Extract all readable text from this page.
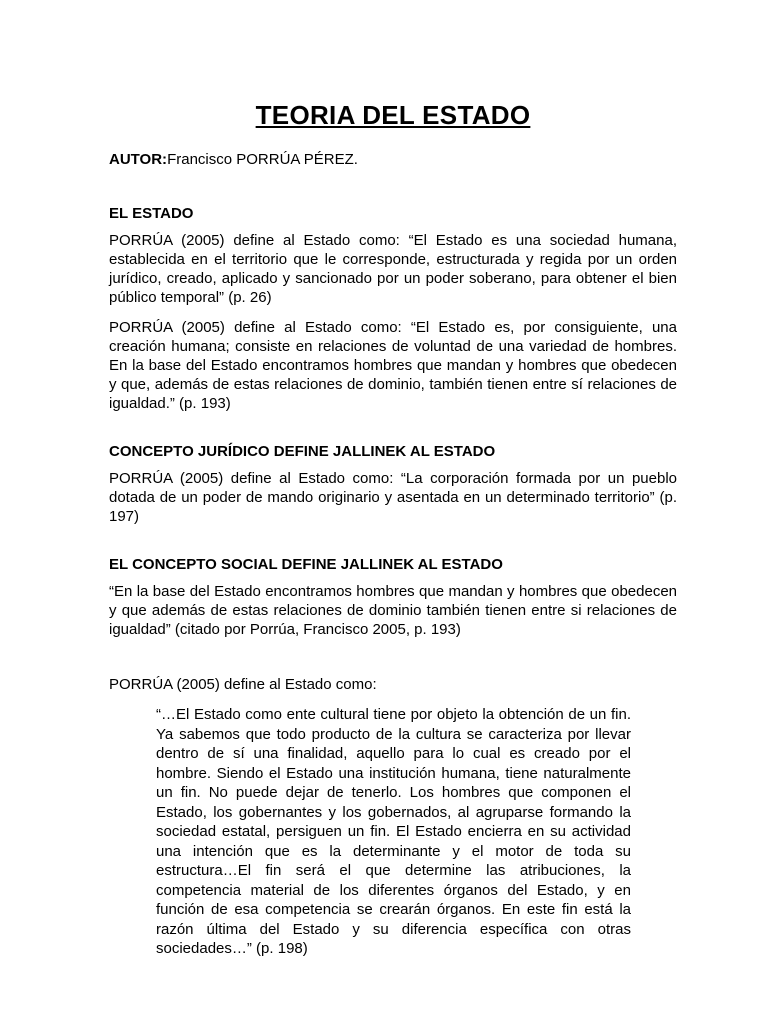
TEORIA DEL ESTADO

AUTOR:Francisco PORRÚA PÉREZ.

EL ESTADO

PORRÚA (2005) define al Estado como: “El Estado es una sociedad humana, establecida en el territorio que le corresponde, estructurada y regida por un orden jurídico, creado, aplicado y sancionado por un poder soberano, para obtener el bien público temporal” (p. 26)

PORRÚA (2005) define al Estado como: “El Estado es, por consiguiente, una creación humana; consiste en relaciones de voluntad de una variedad de hombres. En la base del Estado encontramos hombres que mandan y hombres que obedecen y que, además de estas relaciones de dominio, también tienen entre sí relaciones de igualdad.” (p. 193)

CONCEPTO JURÍDICO DEFINE JALLINEK AL ESTADO

PORRÚA (2005) define al Estado como: “La corporación formada por un pueblo dotada de un poder de mando originario y asentada en un determinado territorio” (p. 197)

EL CONCEPTO SOCIAL DEFINE JALLINEK AL ESTADO

“En la base del Estado encontramos hombres que mandan y hombres que obedecen y que además de estas relaciones de dominio también tienen entre si relaciones de igualdad” (citado por Porrúa, Francisco 2005, p. 193)

PORRÚA (2005) define al Estado como:

“…El Estado como ente cultural tiene por objeto la obtención de un fin. Ya sabemos que todo producto de la cultura se caracteriza por llevar dentro de sí una finalidad, aquello para lo cual es creado por el hombre. Siendo el Estado una institución humana, tiene naturalmente un fin. No puede dejar de tenerlo. Los hombres que componen el Estado, los gobernantes y los gobernados, al agruparse formando la sociedad estatal, persiguen un fin. El Estado encierra en su actividad una intención que es la determinante y el motor de toda su estructura…El fin será el que determine las atribuciones, la competencia material de los diferentes órganos del Estado, y en función de esa competencia se crearán órganos. En este fin está la razón última del Estado y su diferencia específica con otras sociedades…” (p. 198)
